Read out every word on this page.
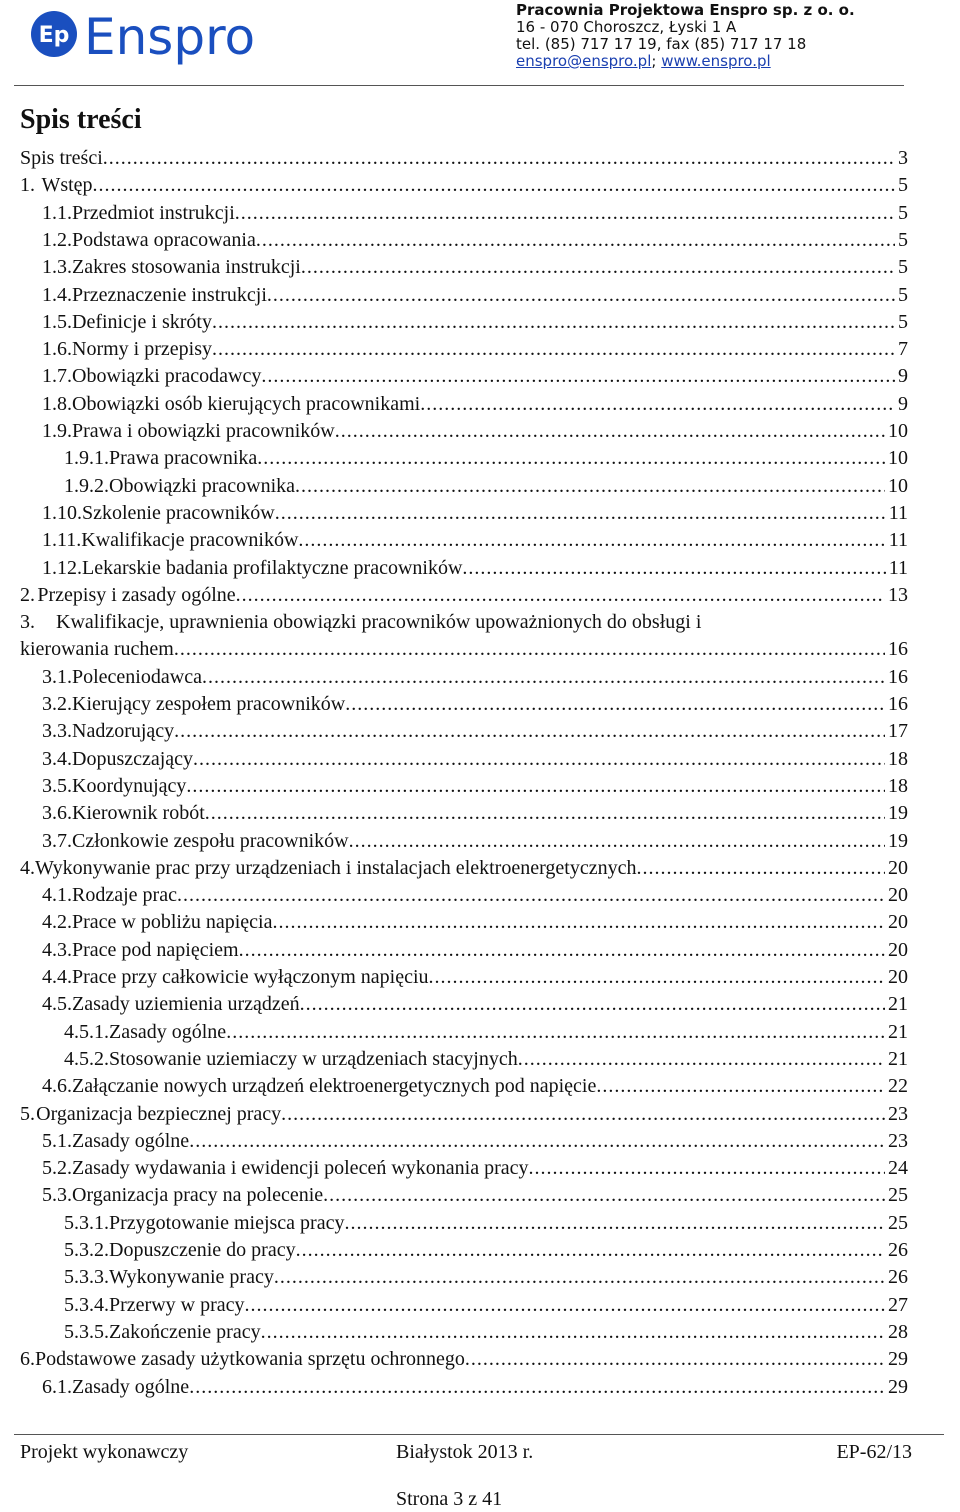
Ep Enspro	Pracownia Projektowa Enspro sp. z o. o.
16 - 070 Choroszcz, Łyski 1 A
tel. (85) 717 17 19, fax (85) 717 17 18
enspro@enspro.pl; www.enspro.pl
Spis treści
Spis treści . . .	3
1. Wstęp . . .	5
1.1. Przedmiot instrukcji . . .	5
1.2. Podstawa opracowania . . .	5
1.3. Zakres stosowania instrukcji . . .	5
1.4. Przeznaczenie instrukcji . . .	5
1.5. Definicje i skróty . . .	5
1.6. Normy i przepisy . . .	7
1.7. Obowiązki pracodawcy . . .	9
1.8. Obowiązki osób kierujących pracownikami . . .	9
1.9. Prawa i obowiązki pracowników . . .	10
1.9.1. Prawa pracownika . . .	10
1.9.2. Obowiązki pracownika . . .	10
1.10. Szkolenie pracowników . . .	11
1.11. Kwalifikacje pracowników . . .	11
1.12. Lekarskie badania profilaktyczne pracowników . . .	11
2. Przepisy i zasady ogólne . . .	13
3.	Kwalifikacje, uprawnienia obowiązki pracowników upoważnionych do obsługi i
kierowania ruchem . . .	16
3.1. Poleceniodawca . . .	16
3.2. Kierujący zespołem pracowników . . .	16
3.3. Nadzorujący . . .	17
3.4. Dopuszczający . . .	18
3.5. Koordynujący . . .	18
3.6. Kierownik robót . . .	19
3.7. Członkowie zespołu pracowników . . .	19
4. Wykonywanie prac przy urządzeniach i instalacjach elektroenergetycznych . . .	20
4.1. Rodzaje prac . . .	20
4.2. Prace w pobliżu napięcia . . .	20
4.3. Prace pod napięciem . . .	20
4.4. Prace przy całkowicie wyłączonym napięciu . . .	20
4.5. Zasady uziemienia urządzeń . . .	21
4.5.1. Zasady ogólne . . .	21
4.5.2. Stosowanie uziemiaczy w urządzeniach stacyjnych . . .	21
4.6. Załączanie nowych urządzeń elektroenergetycznych pod napięcie . . .	22
5. Organizacja bezpiecznej pracy . . .	23
5.1. Zasady ogólne . . .	23
5.2. Zasady wydawania i ewidencji poleceń wykonania pracy . . .	24
5.3. Organizacja pracy na polecenie . . .	25
5.3.1. Przygotowanie miejsca pracy . . .	25
5.3.2. Dopuszczenie do pracy . . .	26
5.3.3. Wykonywanie pracy . . .	26
5.3.4. Przerwy w pracy . . .	27
5.3.5. Zakończenie pracy . . .	28
6. Podstawowe zasady użytkowania sprzętu ochronnego . . .	29
6.1. Zasady ogólne . . .	29
Projekt wykonawczy	Białystok 2013 r.	EP-62/13
Strona 3 z 41
